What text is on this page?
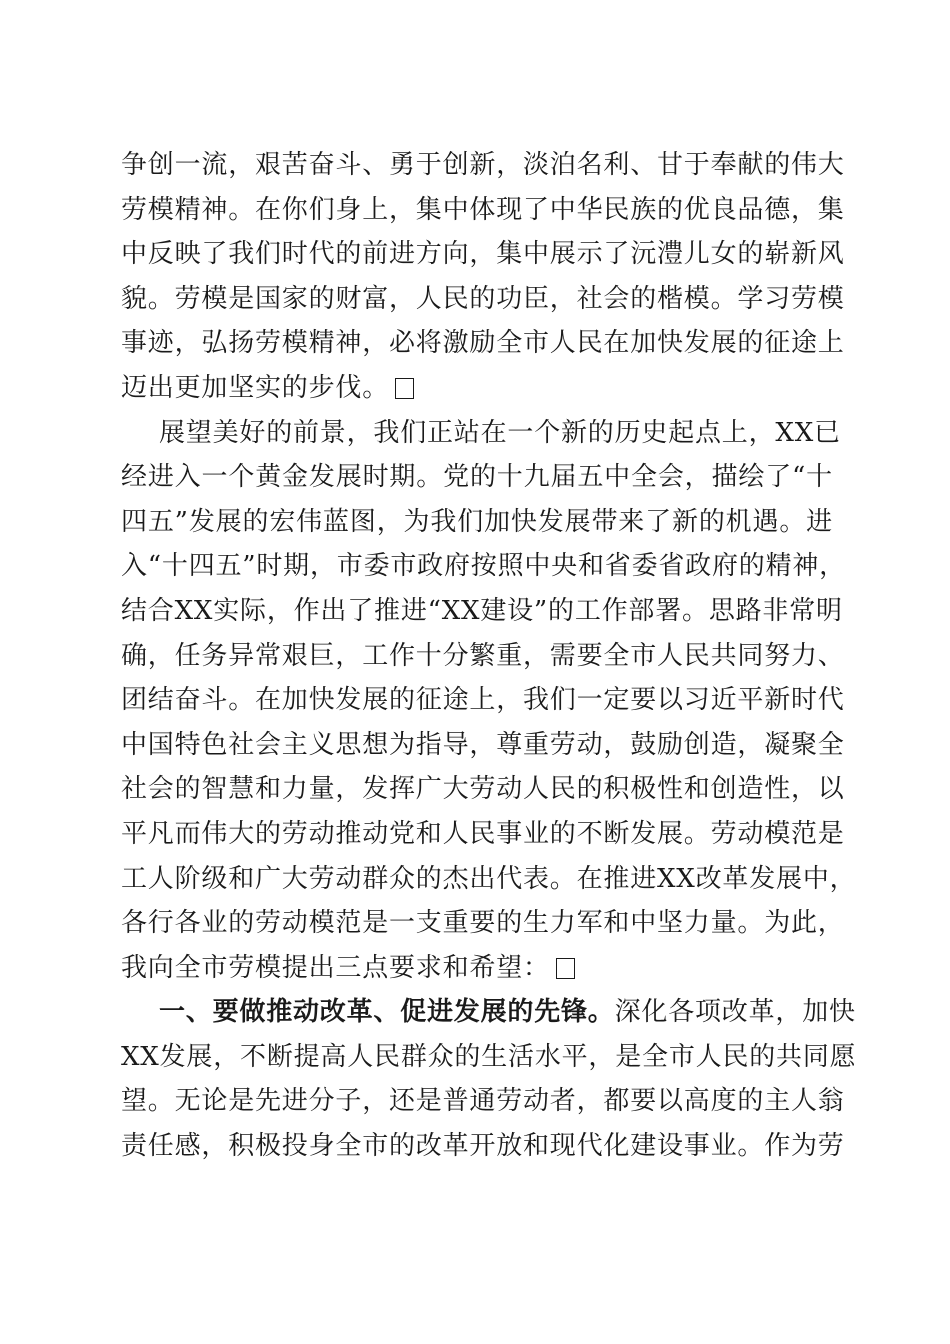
争创一流，艰苦奋斗、勇于创新，淡泊名利、甘于奉献的伟大
劳模精神。在你们身上，集中体现了中华民族的优良品德，集
中反映了我们时代的前进方向，集中展示了沅澧儿女的崭新风
貌。劳模是国家的财富，人民的功臣，社会的楷模。学习劳模
事迹，弘扬劳模精神，必将激励全市人民在加快发展的征途上
迈出更加坚实的步伐。
展望美好的前景，我们正站在一个新的历史起点上，XX已
经进入一个黄金发展时期。党的十九届五中全会，描绘了“十
四五”发展的宏伟蓝图，为我们加快发展带来了新的机遇。进
入“十四五”时期，市委市政府按照中央和省委省政府的精神，
结合XX实际，作出了推进“XX建设”的工作部署。思路非常明
确，任务异常艰巨，工作十分繁重，需要全市人民共同努力、
团结奋斗。在加快发展的征途上，我们一定要以习近平新时代
中国特色社会主义思想为指导，尊重劳动，鼓励创造，凝聚全
社会的智慧和力量，发挥广大劳动人民的积极性和创造性，以
平凡而伟大的劳动推动党和人民事业的不断发展。劳动模范是
工人阶级和广大劳动群众的杰出代表。在推进XX改革发展中，
各行各业的劳动模范是一支重要的生力军和中坚力量。为此，
我向全市劳模提出三点要求和希望：
一、要做推动改革、促进发展的先锋。深化各项改革，加快
XX发展，不断提高人民群众的生活水平，是全市人民的共同愿
望。无论是先进分子，还是普通劳动者，都要以高度的主人翁
责任感，积极投身全市的改革开放和现代化建设事业。作为劳
